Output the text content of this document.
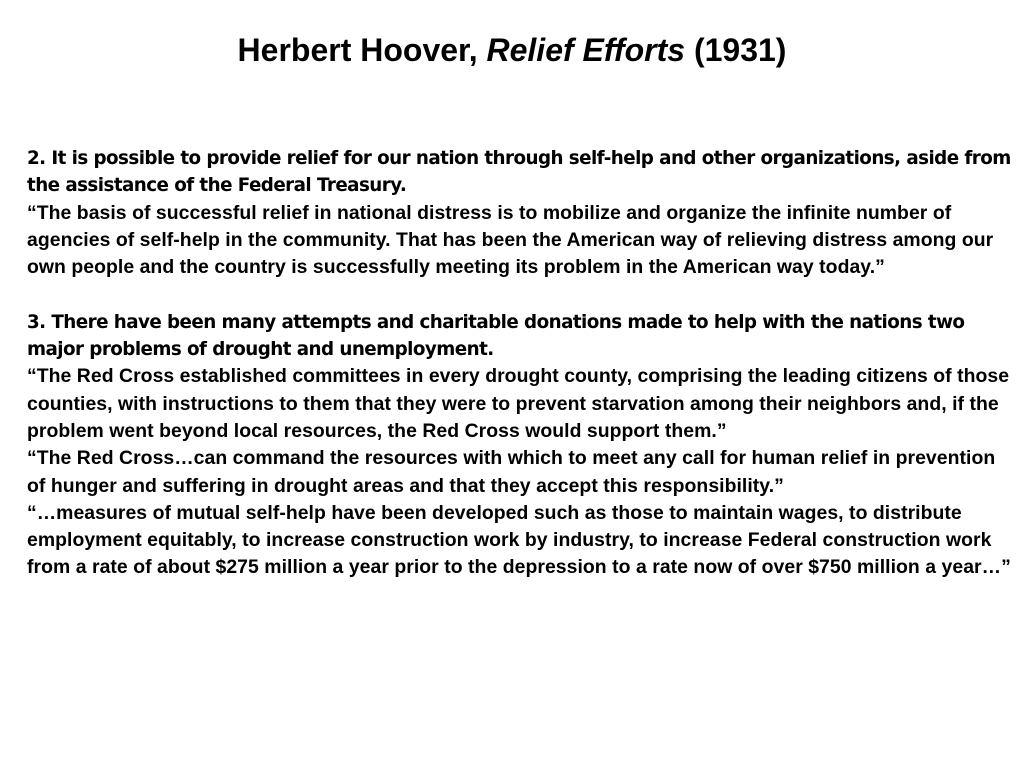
Herbert Hoover, Relief Efforts (1931)

2. It is possible to provide relief for our nation through self-help and other organizations, aside from the assistance of the Federal Treasury.

“The basis of successful relief in national distress is to mobilize and organize the infinite number of agencies of self-help in the community. That has been the American way of relieving distress among our own people and the country is successfully meeting its problem in the American way today.”

3. There have been many attempts and charitable donations made to help with the nations two major problems of drought and unemployment.

“The Red Cross established committees in every drought county, comprising the leading citizens of those counties, with instructions to them that they were to prevent starvation among their neighbors and, if the problem went beyond local resources, the Red Cross would support them.”

“The Red Cross…can command the resources with which to meet any call for human relief in prevention of hunger and suffering in drought areas and that they accept this responsibility.”

“…measures of mutual self-help have been developed such as those to maintain wages, to distribute employment equitably, to increase construction work by industry, to increase Federal construction work from a rate of about $275 million a year prior to the depression to a rate now of over $750 million a year…”
